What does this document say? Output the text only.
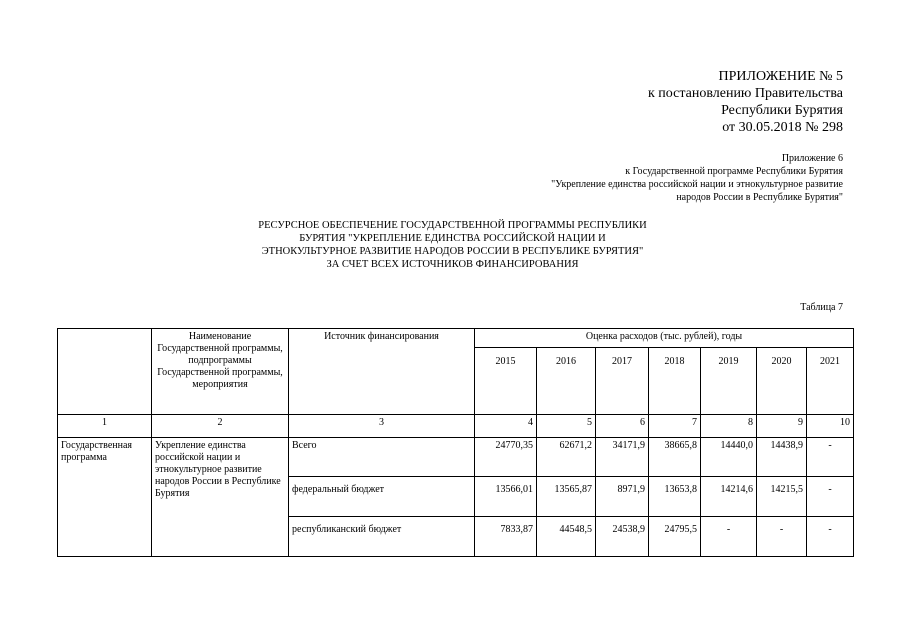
ПРИЛОЖЕНИЕ № 5
к постановлению Правительства
Республики Бурятия
от 30.05.2018 № 298
Приложение 6
к Государственной программе Республики Бурятия
"Укрепление единства российской нации и этнокультурное развитие
народов России в Республике Бурятия"
РЕСУРСНОЕ ОБЕСПЕЧЕНИЕ ГОСУДАРСТВЕННОЙ ПРОГРАММЫ РЕСПУБЛИКИ
БУРЯТИЯ "УКРЕПЛЕНИЕ ЕДИНСТВА РОССИЙСКОЙ НАЦИИ И
ЭТНОКУЛЬТУРНОЕ РАЗВИТИЕ НАРОДОВ РОССИИ В РЕСПУБЛИКЕ БУРЯТИЯ"
ЗА СЧЕТ ВСЕХ ИСТОЧНИКОВ ФИНАНСИРОВАНИЯ
Таблица 7
	Наименование Государственной программы, подпрограммы Государственной программы, мероприятия	Источник финансирования	Оценка расходов (тыс. рублей), годы						
			2015	2016	2017	2018	2019	2020	2021
1	2	3	4	5	6	7	8	9	10
Государственная программа	Укрепление единства российской нации и этнокультурное развитие народов России в Республике Бурятия	Всего	24770,35	62671,2	34171,9	38665,8	14440,0	14438,9	-
		федеральный бюджет	13566,01	13565,87	8971,9	13653,8	14214,6	14215,5	-
		республиканский бюджет	7833,87	44548,5	24538,9	24795,5	-	-	-
